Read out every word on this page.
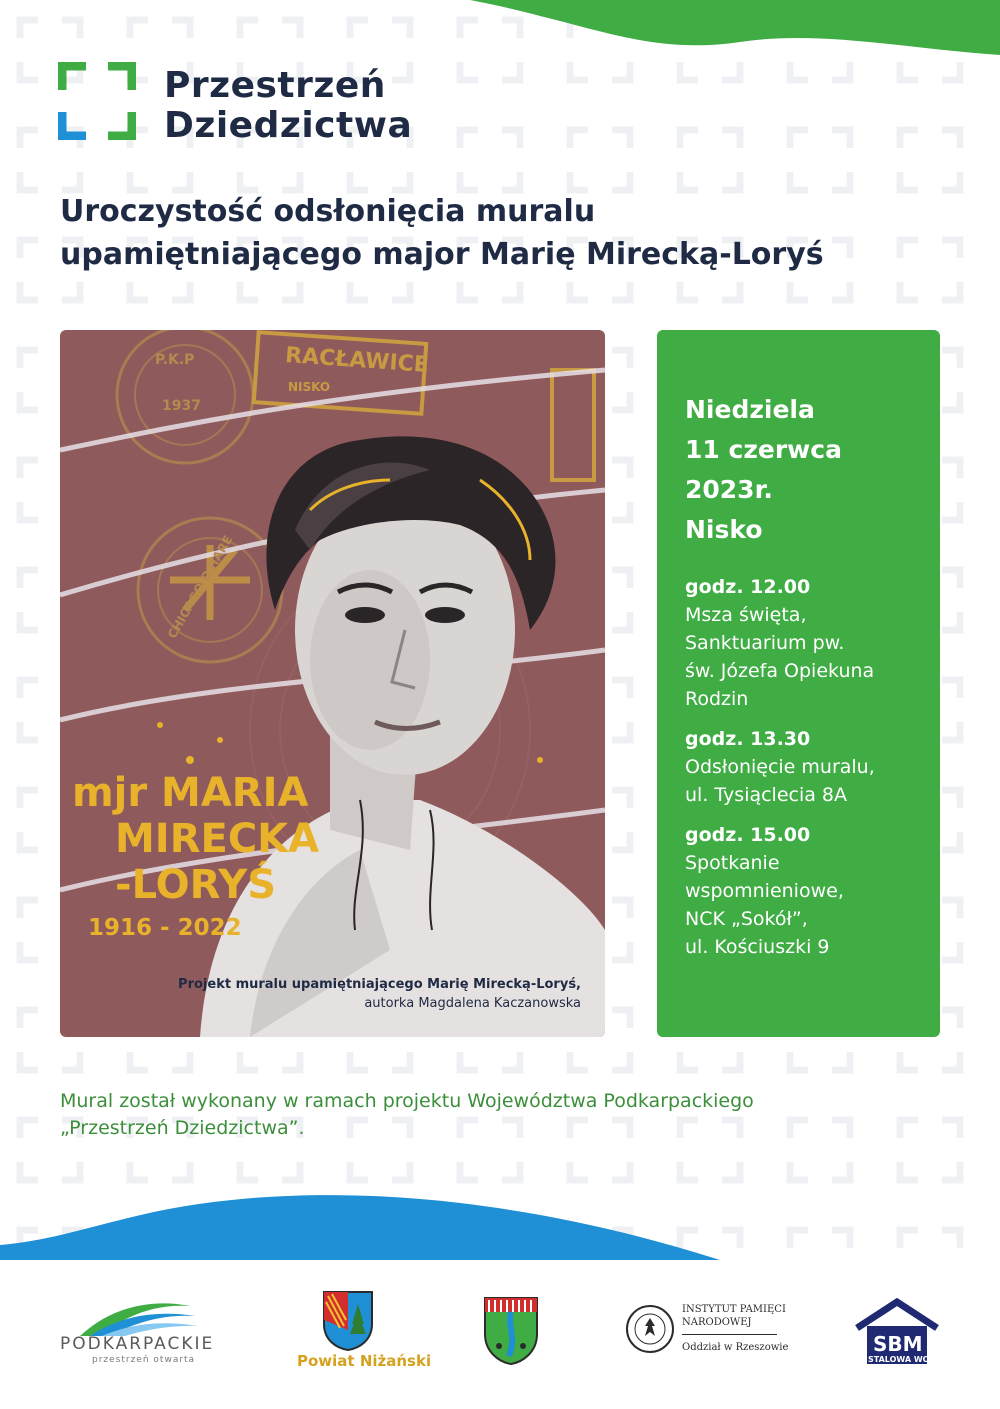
Przestrzeń
Dziedzictwa
Uroczystość odsłonięcia muralu
upamiętniającego major Marię Mirecką-Loryś
RACŁAWICE
NISKO
P.K.P
1937
CHICAGO O'HARE
mjr MARIA
MIRECKA
-LORYŚ
1916 - 2022
Projekt muralu upamiętniającego Marię Mirecką-Loryś,
autorka Magdalena Kaczanowska
Niedziela
11 czerwca
2023r.
Nisko
godz. 12.00
Msza święta,
Sanktuarium pw.
św. Józefa Opiekuna
Rodzin
godz. 13.30
Odsłonięcie muralu,
ul. Tysiąclecia 8A
godz. 15.00
Spotkanie
wspomnieniowe,
NCK „Sokół”,
ul. Kościuszki 9
Mural został wykonany w ramach projektu Województwa Podkarpackiego
„Przestrzeń Dziedzictwa”.
PODKARPACKIE
przestrzeń otwarta	Powiat Niżański
INSTYTUT PAMIĘCI
NARODOWEJ
Oddział w Rzeszowie	SBM
STALOWA WOLA
